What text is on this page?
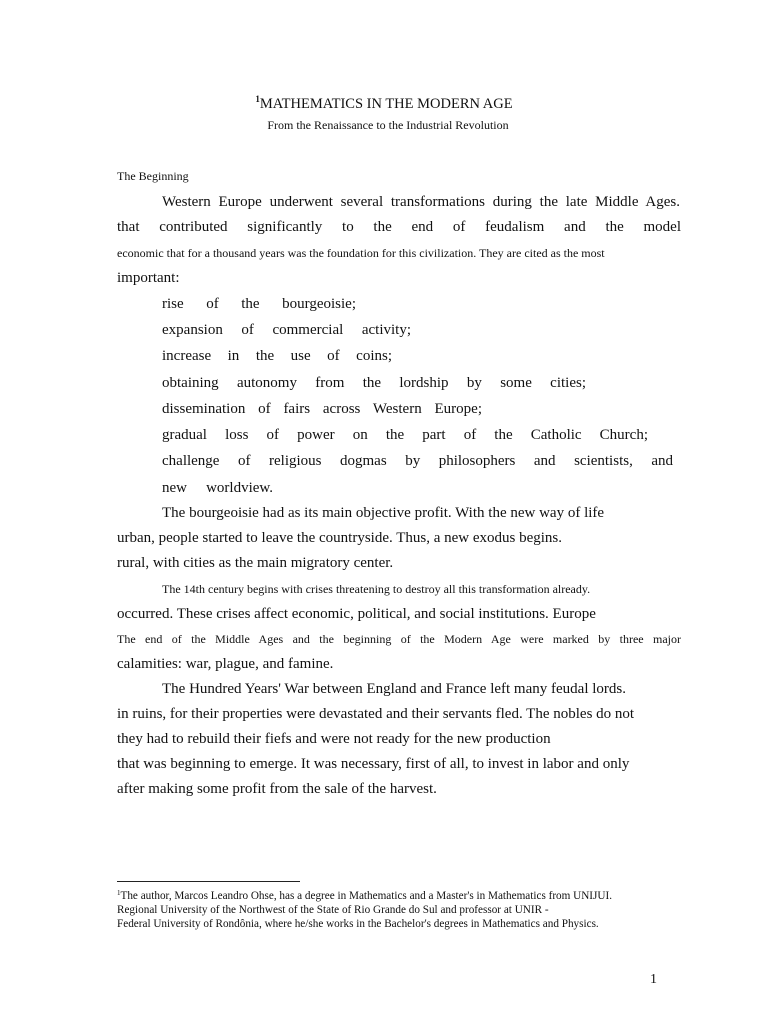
$^1$MATHEMATICS IN THE MODERN AGE
From the Renaissance to the Industrial Revolution
The Beginning
Western Europe underwent several transformations during the late Middle Ages.
that contributed significantly to the end of feudalism and the model
economic that for a thousand years was the foundation for this civilization. They are cited as the most
important:
rise of the bourgeoisie;
expansion of commercial activity;
increase in the use of coins;
obtaining autonomy from the lordship by some cities;
dissemination of fairs across Western Europe;
gradual loss of power on the part of the Catholic Church;
challenge of religious dogmas by philosophers and scientists, and
new worldview.
The bourgeoisie had as its main objective profit. With the new way of life
urban, people started to leave the countryside. Thus, a new exodus begins.
rural, with cities as the main migratory center.
The 14th century begins with crises threatening to destroy all this transformation already.
occurred. These crises affect economic, political, and social institutions. Europe
The end of the Middle Ages and the beginning of the Modern Age were marked by three major
calamities: war, plague, and famine.
The Hundred Years' War between England and France left many feudal lords.
in ruins, for their properties were devastated and their servants fled. The nobles do not
they had to rebuild their fiefs and were not ready for the new production
that was beginning to emerge. It was necessary, first of all, to invest in labor and only
after making some profit from the sale of the harvest.
$^1$The author, Marcos Leandro Ohse, has a degree in Mathematics and a Master's in Mathematics from UNIJUI.
Regional University of the Northwest of the State of Rio Grande do Sul and professor at UNIR -
Federal University of Rondônia, where he/she works in the Bachelor's degrees in Mathematics and Physics.
1
